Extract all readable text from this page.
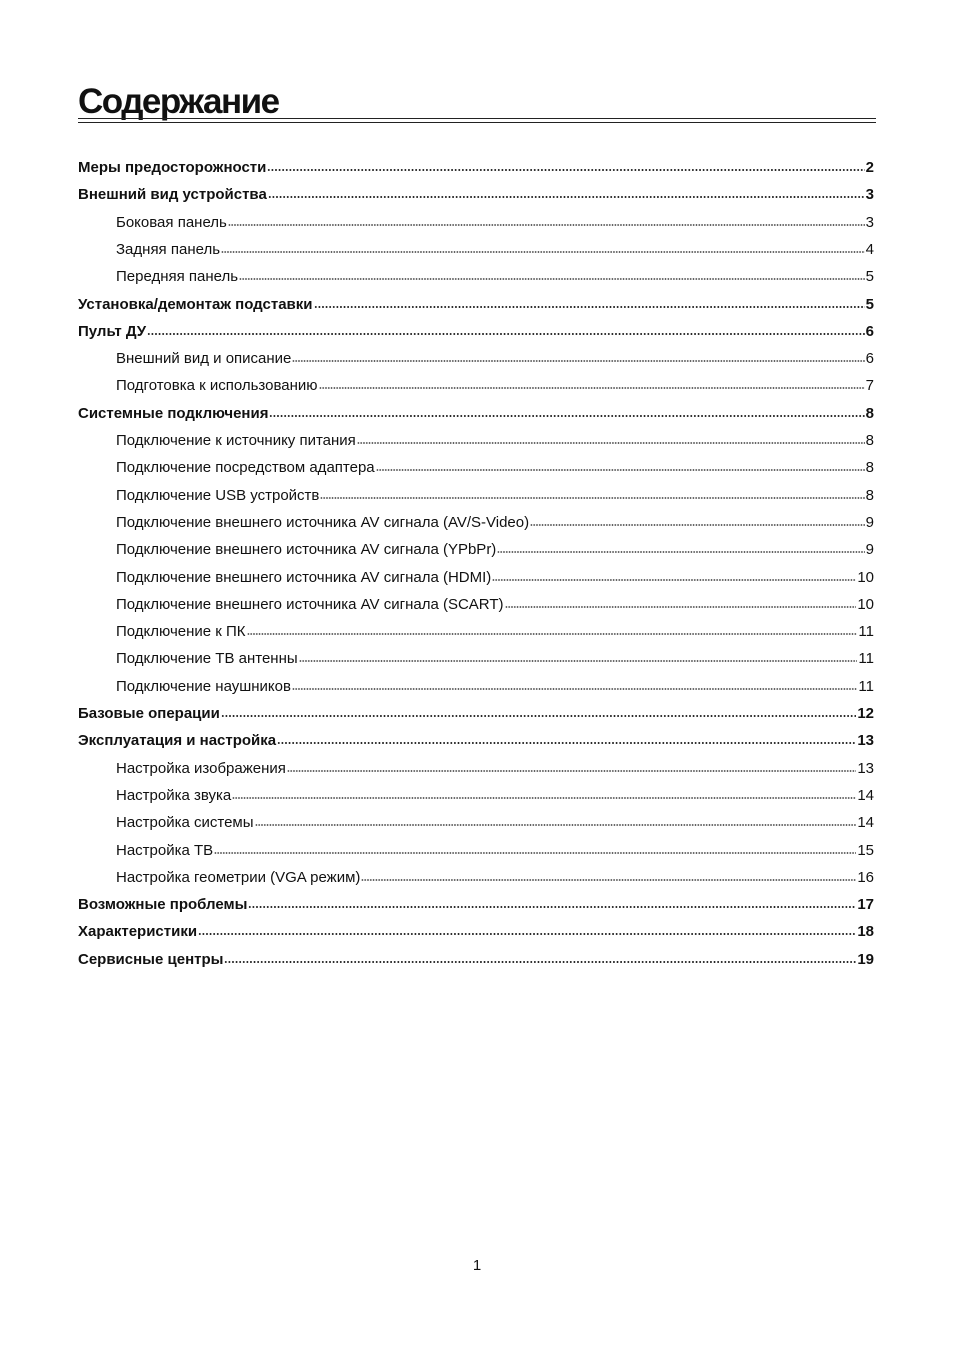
Содержание
Меры предосторожности	2
Внешний вид устройства	3
Боковая панель	3
Задняя панель	4
Передняя панель	5
Установка/демонтаж подставки	5
Пульт ДУ	6
Внешний вид и описание	6
Подготовка к использованию	7
Системные подключения	8
Подключение к источнику питания	8
Подключение посредством адаптера	8
Подключение USB устройств	8
Подключение внешнего источника AV сигнала (AV/S-Video)	9
Подключение внешнего источника AV сигнала (YPbPr)	9
Подключение внешнего источника AV сигнала (HDMI)	10
Подключение внешнего источника AV сигнала (SCART)	10
Подключение к ПК	11
Подключение ТВ антенны	11
Подключение наушников	11
Базовые операции	12
Эксплуатация и настройка	13
Настройка изображения	13
Настройка звука	14
Настройка системы	14
Настройка ТВ	15
Настройка геометрии (VGA режим)	16
Возможные проблемы	17
Характеристики	18
Сервисные центры	19
1
